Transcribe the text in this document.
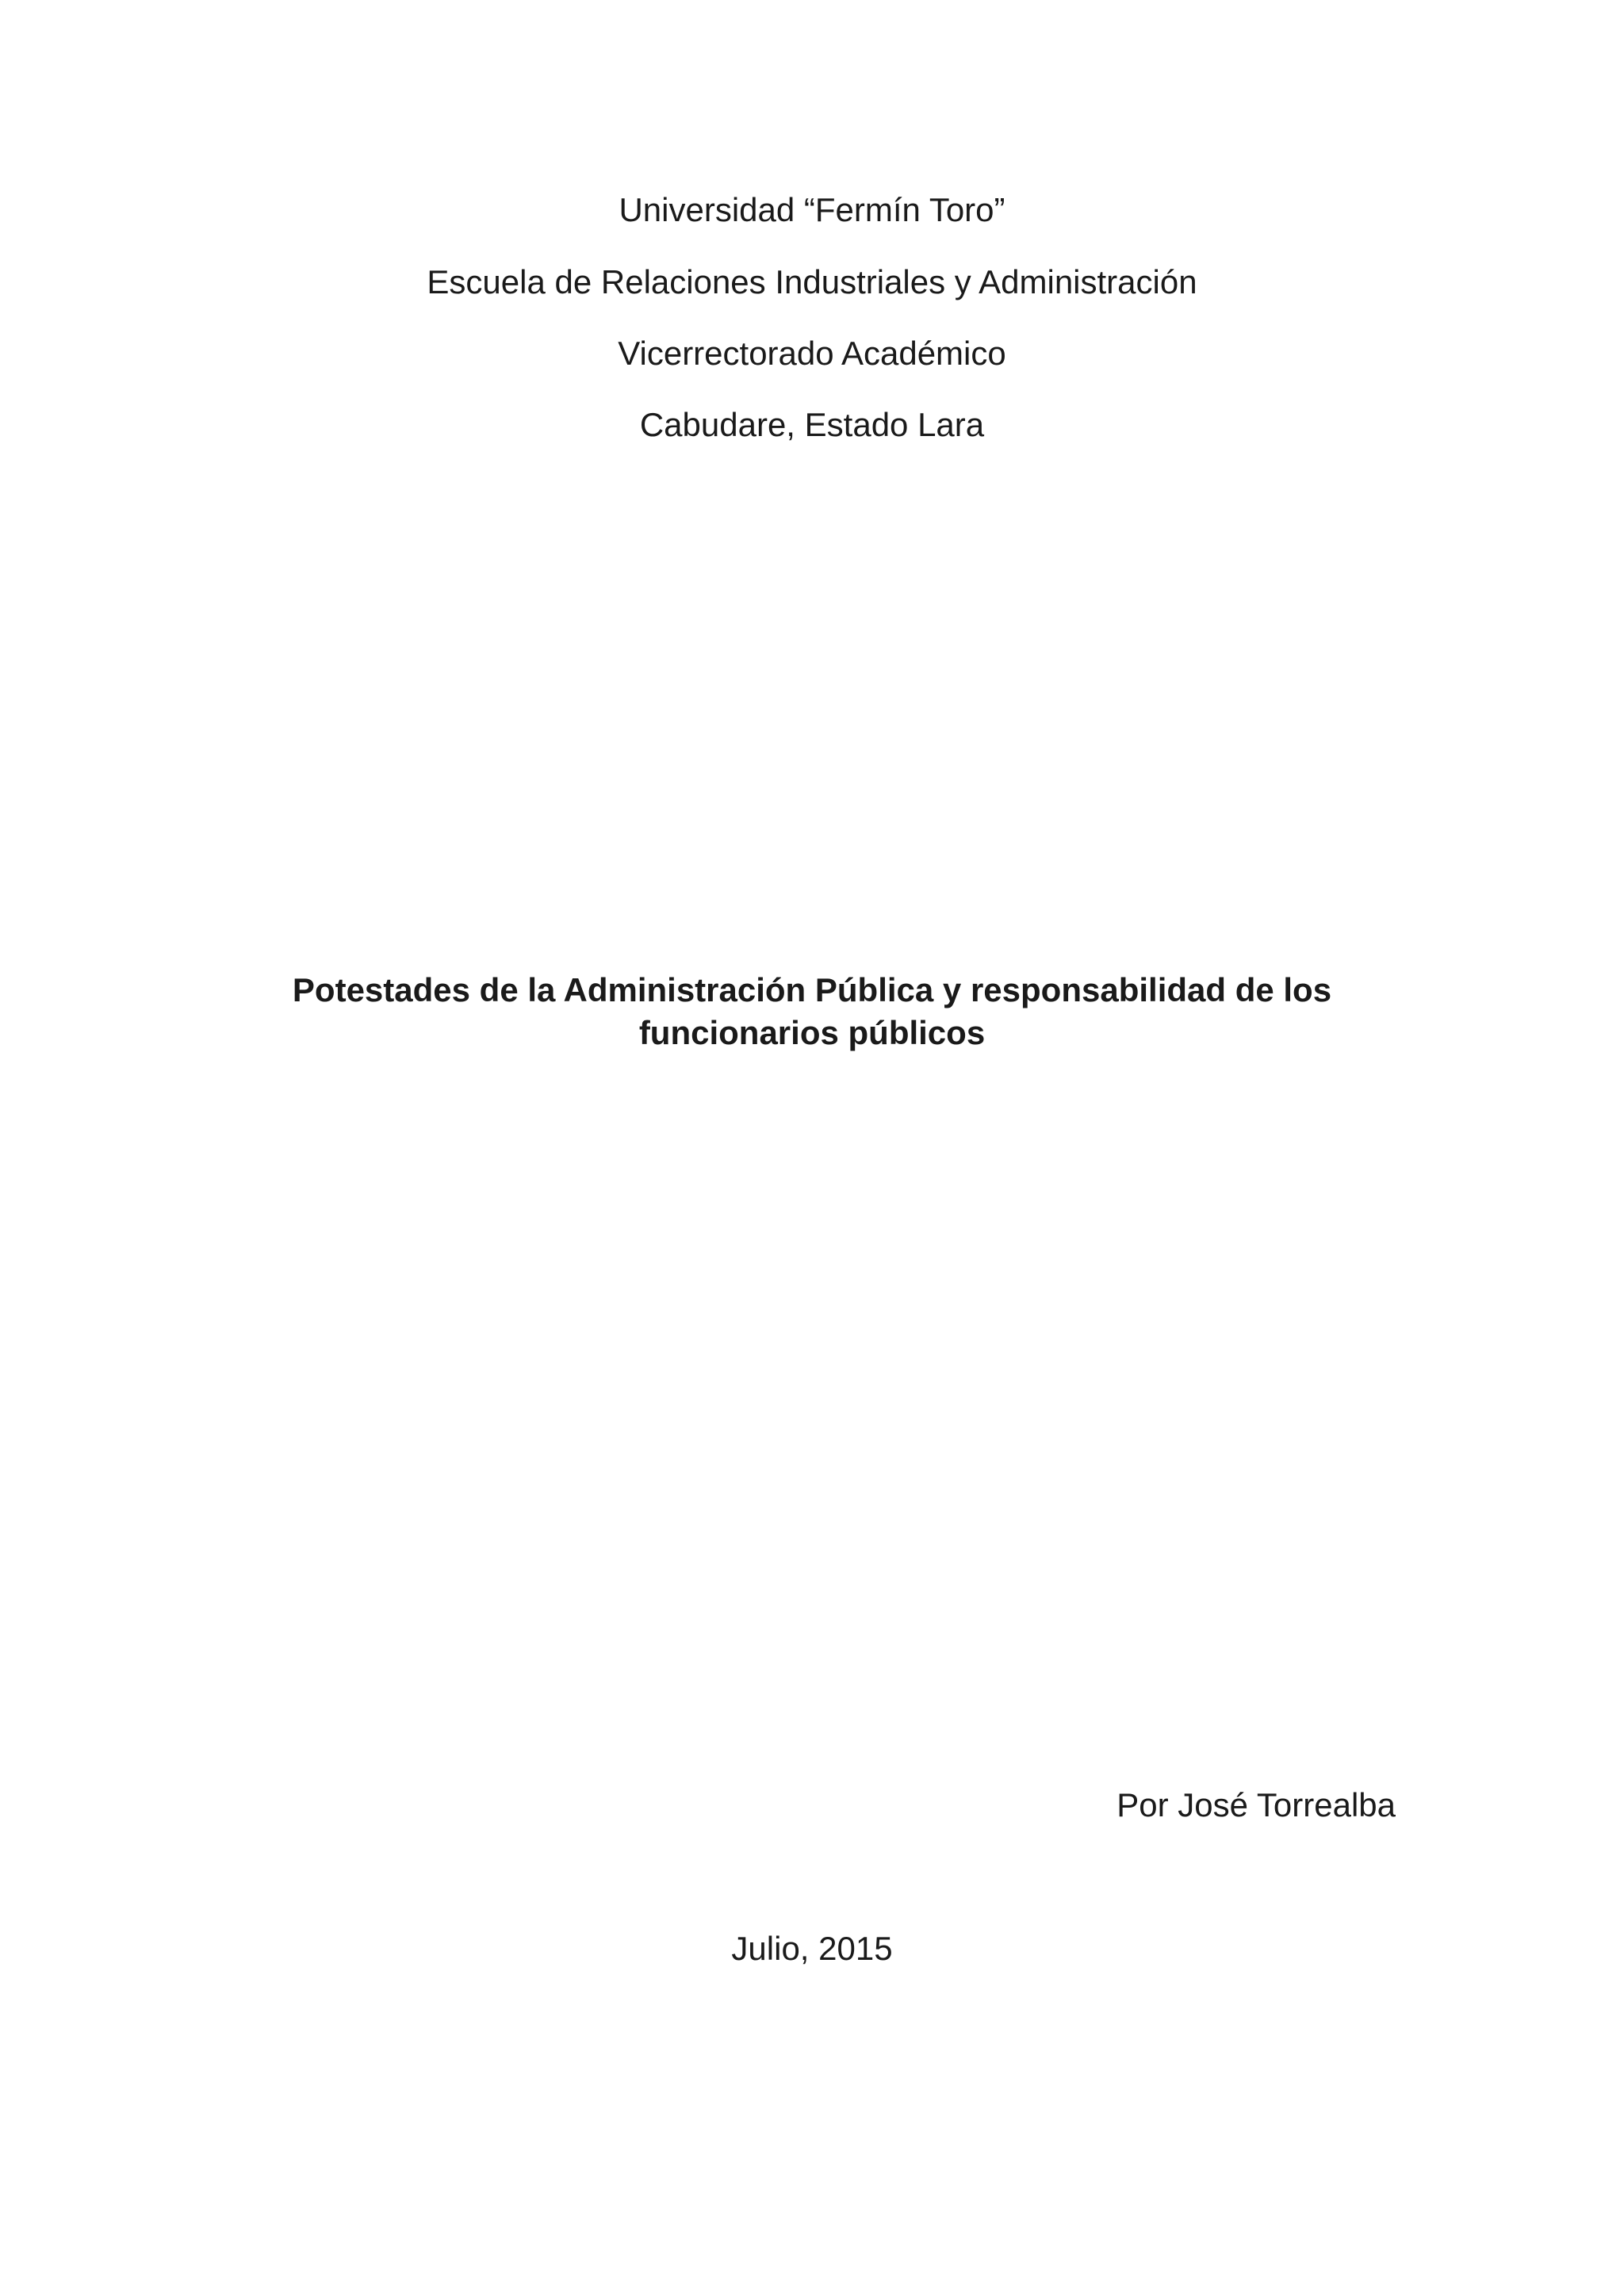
Universidad “Fermín Toro”
Escuela de Relaciones Industriales y Administración
Vicerrectorado Académico
Cabudare, Estado Lara
Potestades de la Administración Pública y responsabilidad de los
funcionarios públicos
Por José Torrealba
Julio, 2015
